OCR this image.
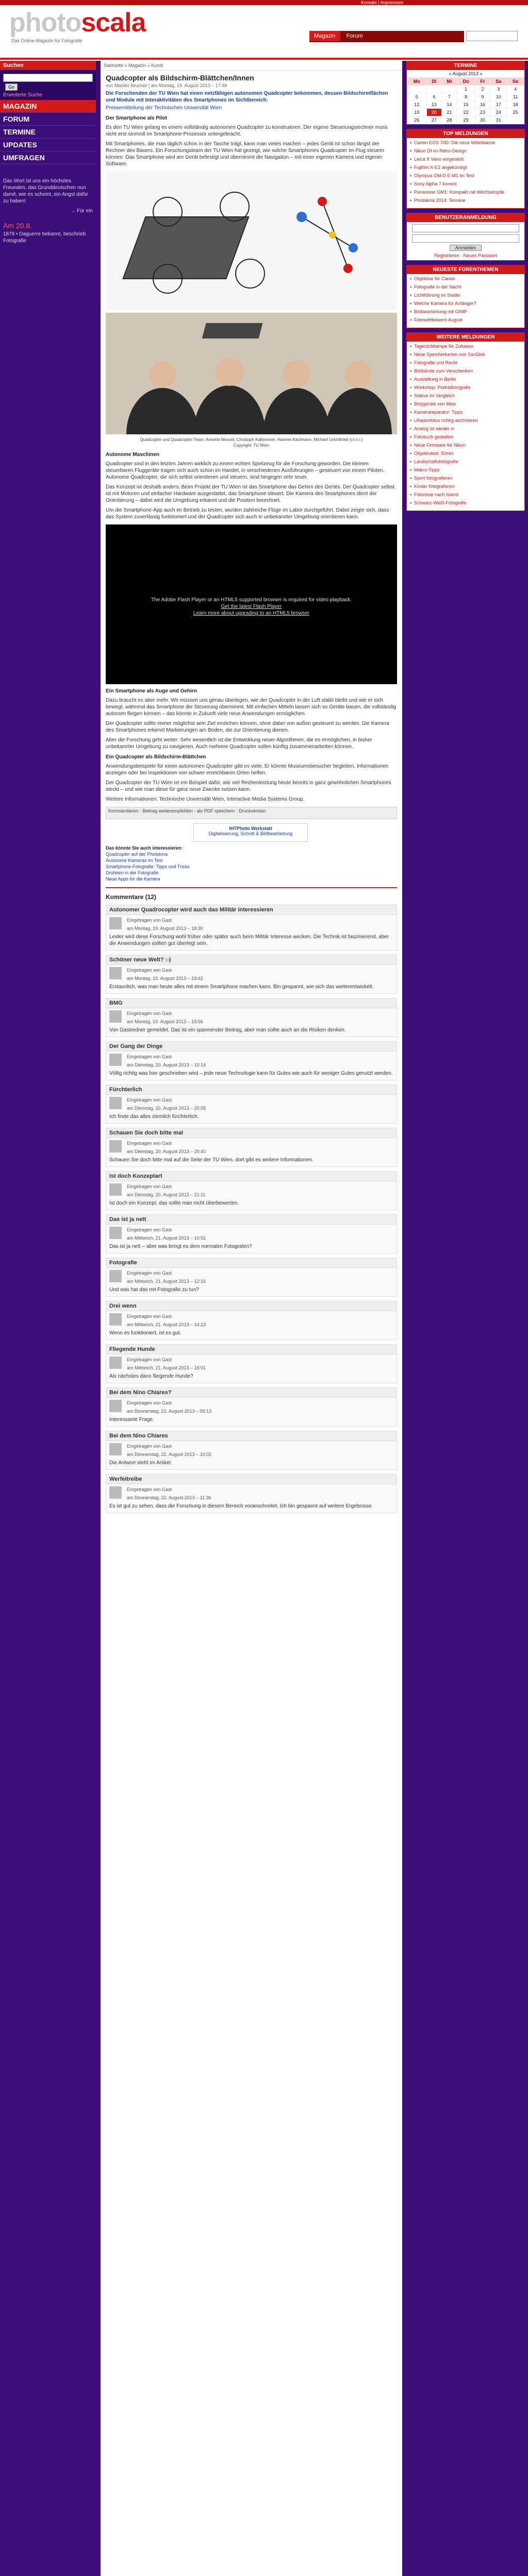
Kontakt | Impressum
photoscala
Das Online-Magazin für Fotografie
Magazin Forum
Suchen
Go
Erweiterte Suche
MAGAZIN
FORUM
TERMINE
UPDATES
UMFRAGEN
Das Wort ist uns ein höchstes Freunden, das Grunddeutschen nun damit, wie es scheint, ein Angst dafür zu haben!
→ Für ein
Am 20.8.
1879 • Daguerre bekannt, beschrieb Fotografie
Startseite » Magazin » Kunst
Quadcopter als Bildschirm-Blättchen/Innen
von Marlies Brunner | am Montag, 19. August 2013 – 17:46
Die Forschenden der TU Wien hat einen netzfähigen autonomen Quadcopter bekommen, dessen Bildschirmflächen und Module mit Interaktivitäten des Smartphones im Sichtbereich:
Pressemitteilung der Technischen Universität Wien
Der Smartphone als Pilot
Es den TU Wien gelang es einem vollständig autonomen Quadcopter zu konstruieren. Der eigene Steuerungsrechner muss nicht erst sinnvoll im Smartphone-Prozessor untergebracht.
Mit Smartphones, die man täglich schon in der Tasche trägt, kann man vieles machen – jedes Gerät ist schon längst der Rechner des Bauers. Ein Forschungsteam der TU Wien hat gezeigt, wie solche Smartphones Quadcopter im Flug steuern können: Das Smartphone wird am Gerät befestigt und übernimmt die Navigation – mit einer eigenen Kamera und eigener Software.
Quadcopter und Quadcopter-Team: Annette Mossel, Christoph Kaltenriner, Hannes Kaufmann, Michael Leichtfried (v.l.n.r.)
Copyright: TU Wien
Autonome Maschinen
Quadcopter sind in den letzten Jahren wirklich zu einem echten Spielzeug für die Forschung geworden. Die kleinen steuerbaren Fluggeräte tragen sich auch schon im Handel, in verschiedenen Ausführungen – gesteuert von einem Piloten. Autonome Quadcopter, die sich selbst orientieren und steuern, sind hingegen sehr teuer.
Das Konzept ist deshalb anders: Beim Projekt der TU Wien ist das Smartphone das Gehirn des Geräts. Der Quadcopter selbst ist mit Motoren und einfacher Hardware ausgestattet, das Smartphone steuert. Die Kamera des Smartphones dient der Orientierung – dabei wird die Umgebung erkannt und die Position berechnet.
Um die Smartphone-App auch im Betrieb zu testen, wurden zahlreiche Flüge im Labor durchgeführt. Dabei zeigte sich, dass das System zuverlässig funktioniert und der Quadcopter sich auch in unbekannter Umgebung orientieren kann.
The Adobe Flash Player or an HTML5 supported browser is required for video playback.
Get the latest Flash Player
Learn more about upgrading to an HTML5 browser
Ein Smartphone als Auge und Gehirn
Dazu braucht es aber mehr. Wir müssen uns genau überlegen, wie der Quadcopter in der Luft stabil bleibt und wie er sich bewegt, während das Smartphone die Steuerung übernimmt. Mit einfachen Mitteln lassen sich so Geräte bauen, die vollständig autonom fliegen können – das könnte in Zukunft viele neue Anwendungen ermöglichen.
Der Quadcopter sollte immer möglichst sein Ziel erreichen können, ohne dabei von außen gesteuert zu werden. Die Kamera des Smartphones erkennt Markierungen am Boden, die zur Orientierung dienen.
Aber die Forschung geht weiter: Sehr wesentlich ist die Entwicklung neuer Algorithmen, die es ermöglichen, in bisher unbekannter Umgebung zu navigieren. Auch mehrere Quadcopter sollen künftig zusammenarbeiten können.
Ein Quadcopter als Bildschirm-Blättchen
Anwendungsbeispiele für einen autonomen Quadcopter gibt es viele. Er könnte Museumsbesucher begleiten, Informationen anzeigen oder bei Inspektionen von schwer erreichbaren Orten helfen.
Der Quadcopter der TU Wien ist ein Beispiel dafür, wie viel Rechenleistung heute bereits in ganz gewöhnlichen Smartphones steckt – und wie man diese für ganz neue Zwecke nutzen kann.
Weitere Informationen: Technische Universität Wien, Interactive Media Systems Group.
Kommentieren · Beitrag weiterempfehlen · als PDF speichern · Druckversion
IHTPhoto Werkstatt
Digitalisierung, Schnitt & Bildbearbeitung
Das könnte Sie auch interessieren:
Quadcopter auf der Photokina
Autonome Kameras im Test
Smartphone-Fotografie: Tipps und Tricks
Drohnen in der Fotografie
Neue Apps für die Kamera
Kommentare (12)
Autonomer Quadrocopter wird auch das Militär interessieren
Eingetragen von Gast
am Montag, 19. August 2013 – 18:30
Leider wird diese Forschung wohl früher oder später auch beim Militär Interesse wecken. Die Technik ist faszinierend, aber die Anwendungen sollten gut überlegt sein.
Schöner neue Welt? :-)
Eingetragen von Gast
am Montag, 19. August 2013 – 19:42
Erstaunlich, was man heute alles mit einem Smartphone machen kann. Bin gespannt, wie sich das weiterentwickelt.
BMG
Eingetragen von Gast
am Montag, 19. August 2013 – 19:56
Von Gastredner gemeldet. Das ist ein spannender Beitrag, aber man sollte auch an die Risiken denken.
Der Gang der Dinge
Eingetragen von Gast
am Dienstag, 20. August 2013 – 10:14
Völlig richtig was hier geschrieben wird – jede neue Technologie kann für Gutes wie auch für weniger Gutes genutzt werden.
Fürchterlich
Eingetragen von Gast
am Dienstag, 20. August 2013 – 20:05
Ich finde das alles ziemlich fürchterlich.
Schauen Sie doch bitte mal
Eingetragen von Gast
am Dienstag, 20. August 2013 – 20:40
Schauen Sie doch bitte mal auf die Seite der TU Wien, dort gibt es weitere Informationen.
Ist doch Konzeptart
Eingetragen von Gast
am Dienstag, 20. August 2013 – 21:11
Ist doch ein Konzept, das sollte man nicht überbewerten.
Das ist ja nett
Eingetragen von Gast
am Mittwoch, 21. August 2013 – 10:51
Das ist ja nett – aber was bringt es dem normalen Fotografen?
Fotografie
Eingetragen von Gast
am Mittwoch, 21. August 2013 – 12:16
Und was hat das mit Fotografie zu tun?
Drei wenn
Eingetragen von Gast
am Mittwoch, 21. August 2013 – 14:23
Wenn es funktioniert, ist es gut.
Fliegende Hunde
Eingetragen von Gast
am Mittwoch, 21. August 2013 – 16:01
Als nächstes dann fliegende Hunde?
Bei dem Nino Chiares?
Eingetragen von Gast
am Donnerstag, 22. August 2013 – 09:13
Interessante Frage.
Bei dem Nino Chiares
Eingetragen von Gast
am Donnerstag, 22. August 2013 – 10:02
Die Antwort steht im Artikel.
Werfeitreibe
Eingetragen von Gast
am Donnerstag, 22. August 2013 – 11:36
Es ist gut zu sehen, dass die Forschung in diesem Bereich voranschreitet. Ich bin gespannt auf weitere Ergebnisse.
TERMINE
« August 2013 »
Mo	Di	Mi	Do	Fr	Sa	So
			1	2	3	4
5	6	7	8	9	10	11
12	13	14	15	16	17	18
19	20	21	22	23	24	25
26	27	28	29	30	31	
TOP MELDUNGEN
▪ Canon EOS 70D: Die neue Mittelklasse
▪ Nikon Df im Retro-Design
▪ Leica X Vario vorgestellt
▪ Fujifilm X-E2 angekündigt
▪ Olympus OM-D E-M1 im Test
▪ Sony Alpha 7 kommt
▪ Panasonic GM1: Kompakt mit Wechseloptik
▪ Photokina 2014: Termine
BENUTZERANMELDUNG
Anmelden
Registrieren · Neues Passwort
NEUESTE FORENTHEMEN
▪ Objektive für Canon
▪ Fotografie in der Nacht
▪ Lichtführung im Studio
▪ Welche Kamera für Anfänger?
▪ Bildbearbeitung mit GIMP
▪ Fotowettbewerb August
WEITERE MELDUNGEN
▪ Tageslichtlampe für Zuhause
▪ Neue Speicherkarten von SanDisk
▪ Fotografie und Recht
▪ Bildbände zum Verschenken
▪ Ausstellung in Berlin
▪ Workshop: Porträtfotografie
▪ Stative im Vergleich
▪ Blitzgeräte von Metz
▪ Kamerareparatur: Tipps
▪ Urlaubsfotos richtig archivieren
▪ Analog ist wieder in
▪ Fotobuch gestalten
▪ Neue Firmware für Nikon
▪ Objektivtest: 50mm
▪ Landschaftsfotografie
▪ Makro-Tipps
▪ Sport fotografieren
▪ Kinder fotografieren
▪ Fotoreise nach Island
▪ Schwarz-Weiß-Fotografie
